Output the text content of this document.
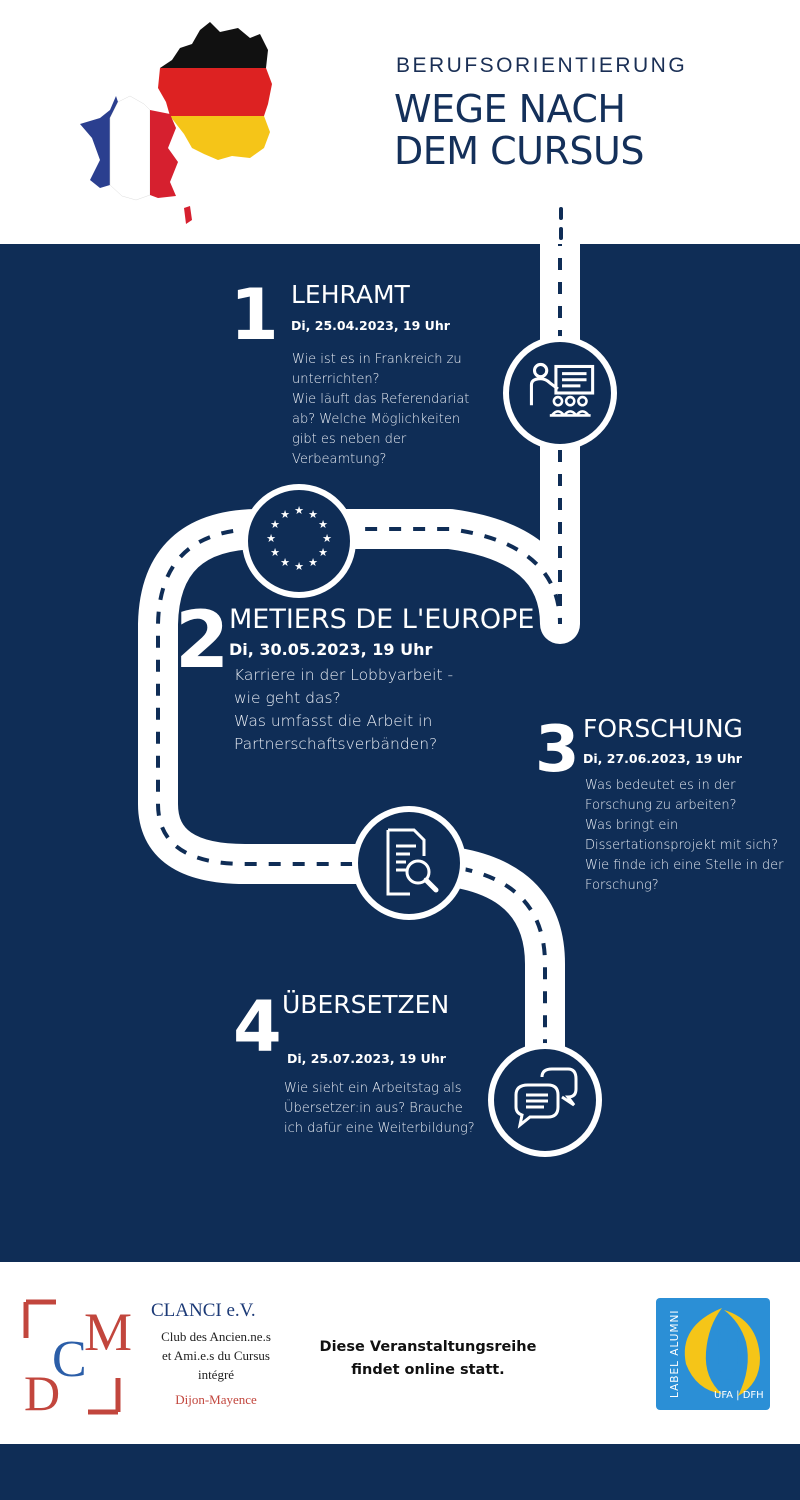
BERUFSORIENTIERUNG
WEGE NACH
DEM CURSUS
1 LEHRAMT
Di, 25.04.2023, 19 Uhr
Wie ist es in Frankreich zu
unterrichten?
Wie läuft das Referendariat
ab? Welche Möglichkeiten
gibt es neben der
Verbeamtung?
★ ★
★
★
★
★
★
★
★
★
★
★
2 METIERS DE L'EUROPE
Di, 30.05.2023, 19 Uhr
Karriere in der Lobbyarbeit -
wie geht das?
Was umfasst die Arbeit in
Partnerschaftsverbänden?	3 FORSCHUNG
Di, 27.06.2023, 19 Uhr
Was bedeutet es in der
Forschung zu arbeiten?
Was bringt ein
Dissertationsprojekt mit sich?
Wie finde ich eine Stelle in der
Forschung?
4 ÜBERSETZEN
Di, 25.07.2023, 19 Uhr
Wie sieht ein Arbeitstag als
Übersetzer:in aus? Brauche
ich dafür eine Weiterbildung?
M
C
D
CLANCI e.V.
Club des Ancien.ne.s
et Ami.e.s du Cursus
intégré
Dijon-Mayence
Diese Veranstaltungsreihe
findet online statt.	LABEL ALUMNI	UFA | DFH
